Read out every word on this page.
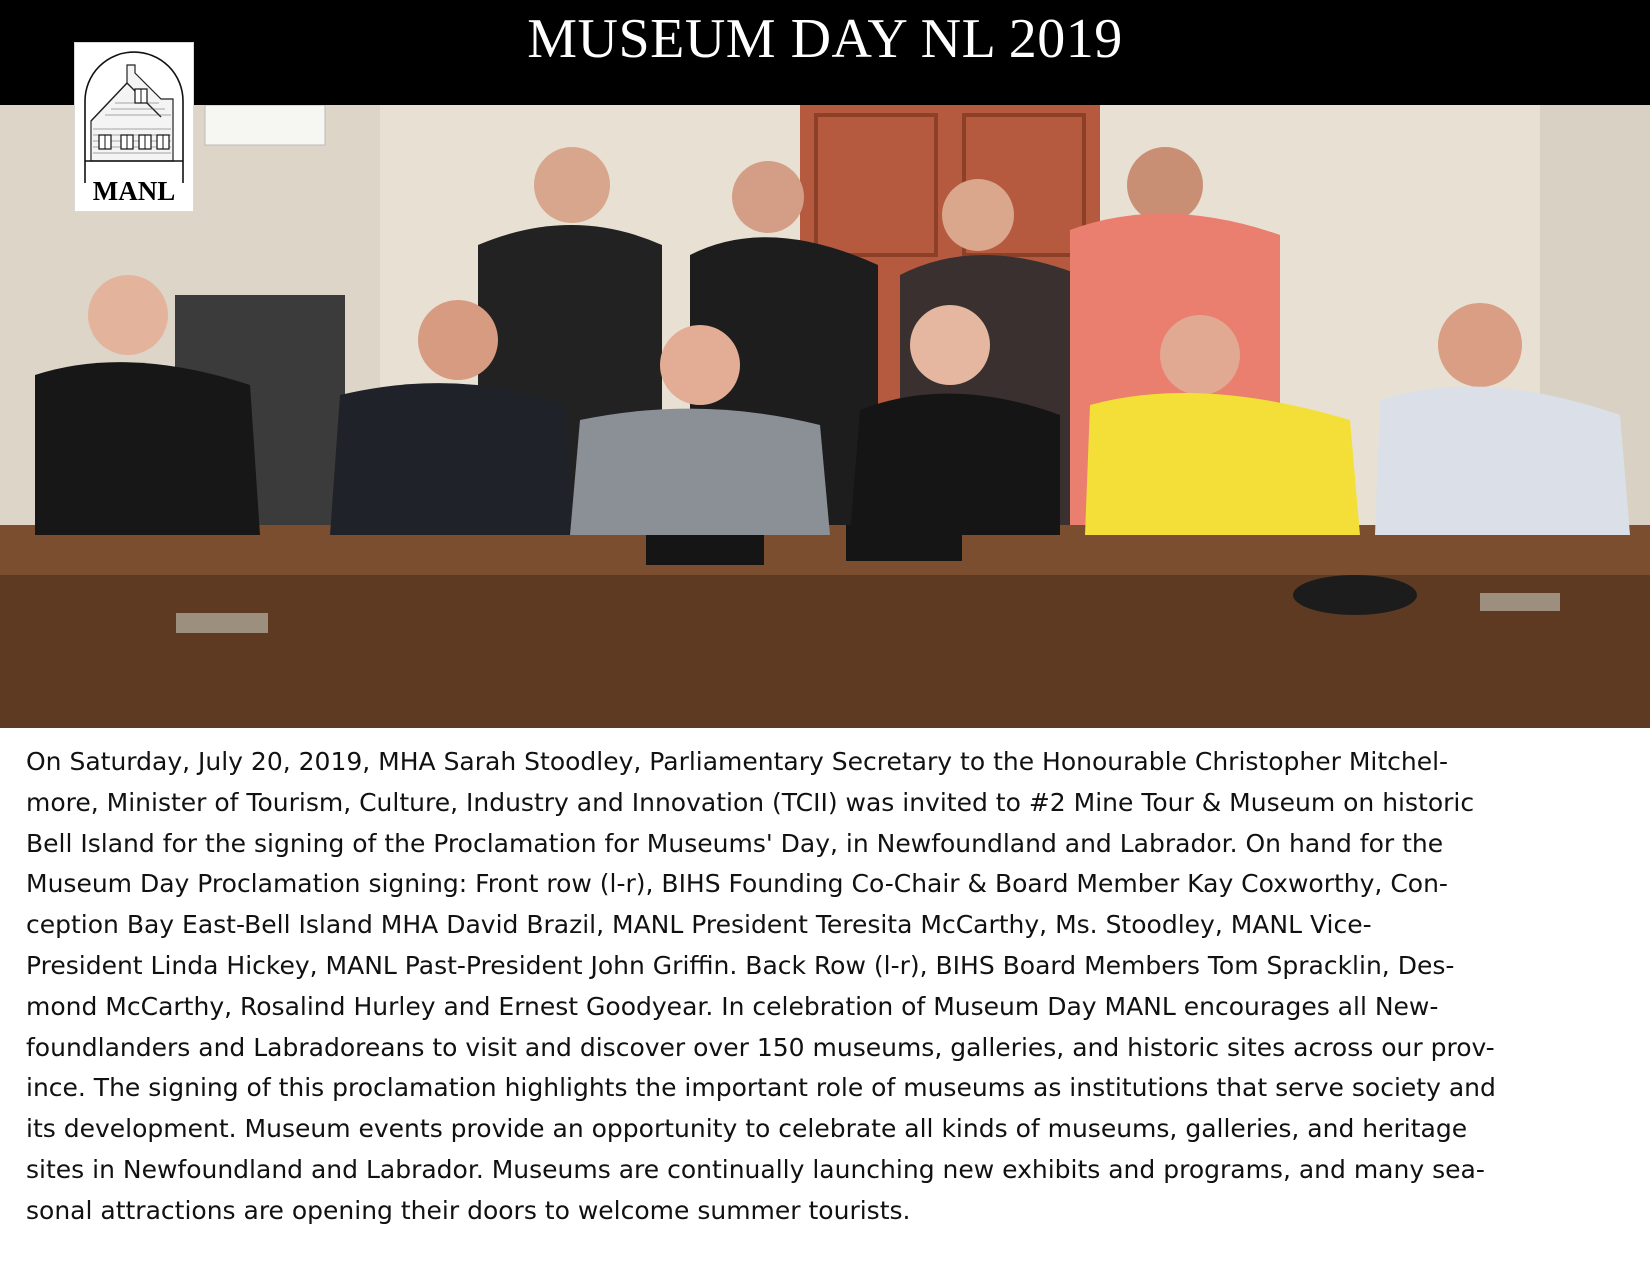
MUSEUM DAY NL 2019
MANL
On Saturday, July 20, 2019, MHA Sarah Stoodley, Parliamentary Secretary to the Honourable Christopher Mitchel-
more, Minister of Tourism, Culture, Industry and Innovation (TCII) was invited to #2 Mine Tour & Museum on historic
Bell Island for the signing of the Proclamation for Museums' Day, in Newfoundland and Labrador. On hand for the
Museum Day Proclamation signing: Front row (l-r), BIHS Founding Co-Chair & Board Member Kay Coxworthy, Con-
ception Bay East-Bell Island MHA David Brazil, MANL President Teresita McCarthy, Ms. Stoodley, MANL Vice-
President Linda Hickey, MANL Past-President John Griffin. Back Row (l-r), BIHS Board Members Tom Spracklin, Des-
mond McCarthy, Rosalind Hurley and Ernest Goodyear. In celebration of Museum Day MANL encourages all New-
foundlanders and Labradoreans to visit and discover over 150 museums, galleries, and historic sites across our prov-
ince. The signing of this proclamation highlights the important role of museums as institutions that serve society and
its development. Museum events provide an opportunity to celebrate all kinds of museums, galleries, and heritage
sites in Newfoundland and Labrador. Museums are continually launching new exhibits and programs, and many sea-
sonal attractions are opening their doors to welcome summer tourists.
